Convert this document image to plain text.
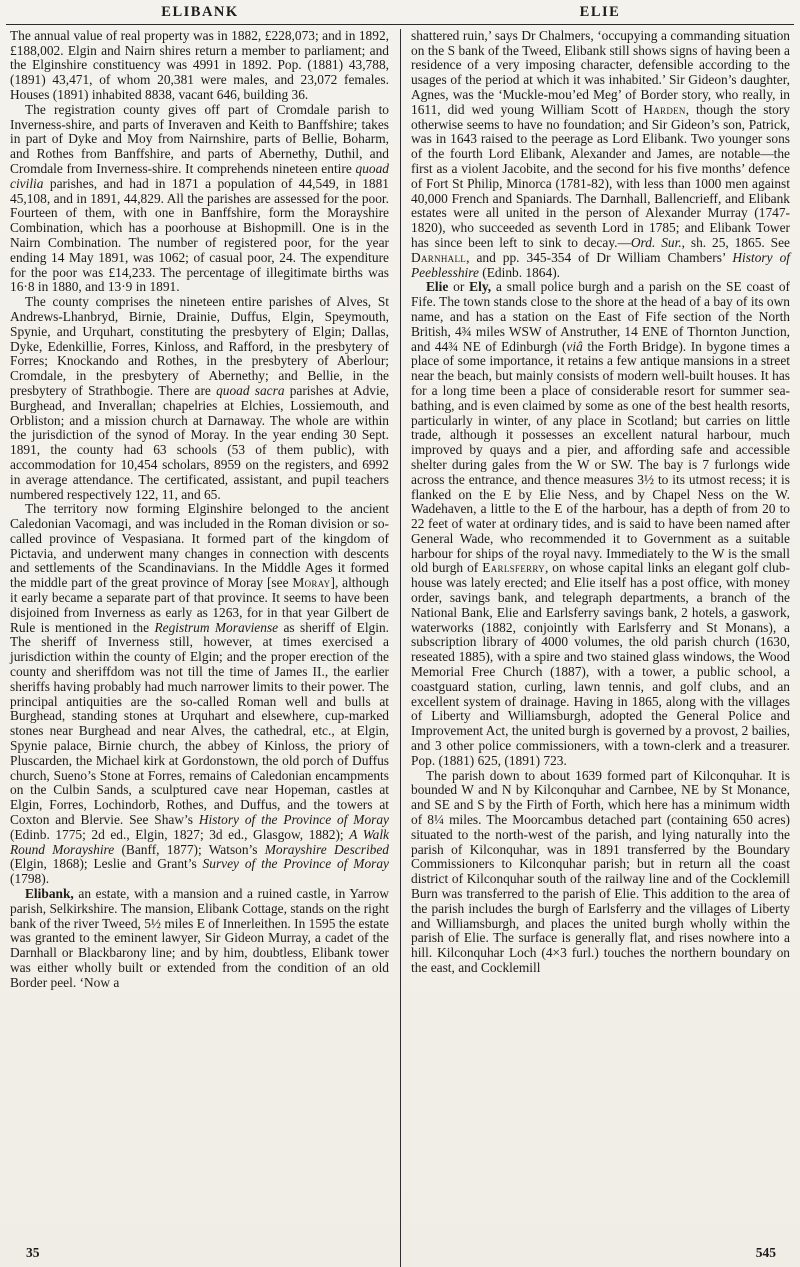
ELIBANK	ELIE

The annual value of real property was in 1882, £228,073; and in 1892, £188,002. Elgin and Nairn shires return a member to parliament; and the Elginshire constituency was 4991 in 1892. Pop. (1881) 43,788, (1891) 43,471, of whom 20,381 were males, and 23,072 females. Houses (1891) inhabited 8838, vacant 646, building 36.

The registration county gives off part of Cromdale parish to Inverness-shire, and parts of Inveraven and Keith to Banffshire; takes in part of Dyke and Moy from Nairnshire, parts of Bellie, Boharm, and Rothes from Banffshire, and parts of Abernethy, Duthil, and Cromdale from Inverness-shire. It comprehends nineteen entire quoad civilia parishes, and had in 1871 a population of 44,549, in 1881 45,108, and in 1891, 44,829. All the parishes are assessed for the poor. Fourteen of them, with one in Banffshire, form the Morayshire Combination, which has a poorhouse at Bishopmill. One is in the Nairn Combination. The number of registered poor, for the year ending 14 May 1891, was 1062; of casual poor, 24. The expenditure for the poor was £14,233. The percentage of illegitimate births was 16·8 in 1880, and 13·9 in 1891.

The county comprises the nineteen entire parishes of Alves, St Andrews-Lhanbryd, Birnie, Drainie, Duffus, Elgin, Speymouth, Spynie, and Urquhart, constituting the presbytery of Elgin; Dallas, Dyke, Edenkillie, Forres, Kinloss, and Rafford, in the presbytery of Forres; Knockando and Rothes, in the presbytery of Aberlour; Cromdale, in the presbytery of Abernethy; and Bellie, in the presbytery of Strathbogie. There are quoad sacra parishes at Advie, Burghead, and Inverallan; chapelries at Elchies, Lossiemouth, and Orbliston; and a mission church at Darnaway. The whole are within the jurisdiction of the synod of Moray. In the year ending 30 Sept. 1891, the county had 63 schools (53 of them public), with accommodation for 10,454 scholars, 8959 on the registers, and 6992 in average attendance. The certificated, assistant, and pupil teachers numbered respectively 122, 11, and 65.

The territory now forming Elginshire belonged to the ancient Caledonian Vacomagi, and was included in the Roman division or so-called province of Vespasiana. It formed part of the kingdom of Pictavia, and underwent many changes in connection with descents and settlements of the Scandinavians. In the Middle Ages it formed the middle part of the great province of Moray [see Moray], although it early became a separate part of that province. It seems to have been disjoined from Inverness as early as 1263, for in that year Gilbert de Rule is mentioned in the Registrum Moraviense as sheriff of Elgin. The sheriff of Inverness still, however, at times exercised a jurisdiction within the county of Elgin; and the proper erection of the county and sheriffdom was not till the time of James II., the earlier sheriffs having probably had much narrower limits to their power. The principal antiquities are the so-called Roman well and bulls at Burghead, standing stones at Urquhart and elsewhere, cup-marked stones near Burghead and near Alves, the cathedral, etc., at Elgin, Spynie palace, Birnie church, the abbey of Kinloss, the priory of Pluscarden, the Michael kirk at Gordonstown, the old porch of Duffus church, Sueno’s Stone at Forres, remains of Caledonian encampments on the Culbin Sands, a sculptured cave near Hopeman, castles at Elgin, Forres, Lochindorb, Rothes, and Duffus, and the towers at Coxton and Blervie. See Shaw’s History of the Province of Moray (Edinb. 1775; 2d ed., Elgin, 1827; 3d ed., Glasgow, 1882); A Walk Round Morayshire (Banff, 1877); Watson’s Morayshire Described (Elgin, 1868); Leslie and Grant’s Survey of the Province of Moray (1798).

Elibank, an estate, with a mansion and a ruined castle, in Yarrow parish, Selkirkshire. The mansion, Elibank Cottage, stands on the right bank of the river Tweed, 5½ miles E of Innerleithen. In 1595 the estate was granted to the eminent lawyer, Sir Gideon Murray, a cadet of the Darnhall or Blackbarony line; and by him, doubtless, Elibank tower was either wholly built or extended from the condition of an old Border peel. ‘Now a

shattered ruin,’ says Dr Chalmers, ‘occupying a commanding situation on the S bank of the Tweed, Elibank still shows signs of having been a residence of a very imposing character, defensible according to the usages of the period at which it was inhabited.’ Sir Gideon’s daughter, Agnes, was the ‘Muckle-mou’ed Meg’ of Border story, who really, in 1611, did wed young William Scott of Harden, though the story otherwise seems to have no foundation; and Sir Gideon’s son, Patrick, was in 1643 raised to the peerage as Lord Elibank. Two younger sons of the fourth Lord Elibank, Alexander and James, are notable—the first as a violent Jacobite, and the second for his five months’ defence of Fort St Philip, Minorca (1781-82), with less than 1000 men against 40,000 French and Spaniards. The Darnhall, Ballencrieff, and Elibank estates were all united in the person of Alexander Murray (1747-1820), who succeeded as seventh Lord in 1785; and Elibank Tower has since been left to sink to decay.—Ord. Sur., sh. 25, 1865. See Darnhall, and pp. 345-354 of Dr William Chambers’ History of Peeblesshire (Edinb. 1864).

Elie or Ely, a small police burgh and a parish on the SE coast of Fife. The town stands close to the shore at the head of a bay of its own name, and has a station on the East of Fife section of the North British, 4¾ miles WSW of Anstruther, 14 ENE of Thornton Junction, and 44¾ NE of Edinburgh (viâ the Forth Bridge). In bygone times a place of some importance, it retains a few antique mansions in a street near the beach, but mainly consists of modern well-built houses. It has for a long time been a place of considerable resort for summer sea-bathing, and is even claimed by some as one of the best health resorts, particularly in winter, of any place in Scotland; but carries on little trade, although it possesses an excellent natural harbour, much improved by quays and a pier, and affording safe and accessible shelter during gales from the W or SW. The bay is 7 furlongs wide across the entrance, and thence measures 3½ to its utmost recess; it is flanked on the E by Elie Ness, and by Chapel Ness on the W. Wadehaven, a little to the E of the harbour, has a depth of from 20 to 22 feet of water at ordinary tides, and is said to have been named after General Wade, who recommended it to Government as a suitable harbour for ships of the royal navy. Immediately to the W is the small old burgh of Earlsferry, on whose capital links an elegant golf club-house was lately erected; and Elie itself has a post office, with money order, savings bank, and telegraph departments, a branch of the National Bank, Elie and Earlsferry savings bank, 2 hotels, a gaswork, waterworks (1882, conjointly with Earlsferry and St Monans), a subscription library of 4000 volumes, the old parish church (1630, reseated 1885), with a spire and two stained glass windows, the Wood Memorial Free Church (1887), with a tower, a public school, a coastguard station, curling, lawn tennis, and golf clubs, and an excellent system of drainage. Having in 1865, along with the villages of Liberty and Williamsburgh, adopted the General Police and Improvement Act, the united burgh is governed by a provost, 2 bailies, and 3 other police commissioners, with a town-clerk and a treasurer. Pop. (1881) 625, (1891) 723.

The parish down to about 1639 formed part of Kilconquhar. It is bounded W and N by Kilconquhar and Carnbee, NE by St Monance, and SE and S by the Firth of Forth, which here has a minimum width of 8¼ miles. The Moorcambus detached part (containing 650 acres) situated to the north-west of the parish, and lying naturally into the parish of Kilconquhar, was in 1891 transferred by the Boundary Commissioners to Kilconquhar parish; but in return all the coast district of Kilconquhar south of the railway line and of the Cocklemill Burn was transferred to the parish of Elie. This addition to the area of the parish includes the burgh of Earlsferry and the villages of Liberty and Williamsburgh, and places the united burgh wholly within the parish of Elie. The surface is generally flat, and rises nowhere into a hill. Kilconquhar Loch (4×3 furl.) touches the northern boundary on the east, and Cocklemill

35	545
